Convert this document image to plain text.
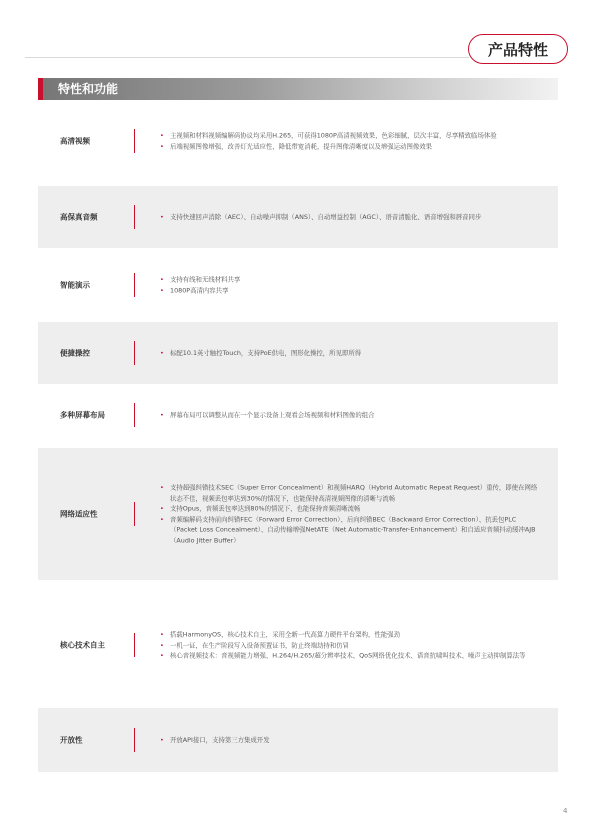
产品特性
特性和功能
高清视频
• 主视频和材料视频编解码协议均采用H.265，可获得1080P高清视频效果，色彩细腻，层次丰富，尽享精致临场体验
• 后端视频图像增强，改善灯光适应性，降低带宽消耗，提升图像清晰度以及增强运动图像效果
高保真音频	• 支持快速回声消除（AEC）、自动噪声抑制（ANS）、自动增益控制（AGC）、语音清脆化、语音增强和唇音同步
智能演示
• 支持有线和无线材料共享
• 1080P高清内容共享
便捷操控	• 标配10.1英寸触控Touch，支持PoE供电，图形化操控，所见即所得
多种屏幕布局	• 屏幕布局可以调整从而在一个显示设备上观看会场视频和材料图像的组合
网络适应性
• 支持超强纠错技术SEC（Super Error Concealment）和视频HARQ（Hybrid Automatic Repeat Request）重传，即使在网络状态不佳，视频丢包率达到30%的情况下，也能保持高清视频图像的清晰与流畅
• 支持Opus，音频丢包率达到80%的情况下，也能保持音频清晰流畅
• 音频编解码支持前向纠错FEC（Forward Error Correction）、后向纠错BEC（Backward Error Correction）、抗丢包PLC（Packet Loss Concealment）、自动传输增强NetATE（Net Automatic-Transfer-Enhancement）和自适应音频抖动缓冲AJB（Audio Jitter Buffer）
核心技术自主
• 搭载HarmonyOS，核心技术自主，采用全新一代高算力硬件平台架构，性能强劲
• 一机一证，在生产阶段写入设备预置证书，防止终端劫持和仿冒
• 核心音视频技术：音视频能力增强、H.264/H.265/超分辨率技术、QoS网络优化技术、语音抗啸叫技术、噪声主动抑制算法等
开放性	• 开放API接口，支持第三方集成开发
4
